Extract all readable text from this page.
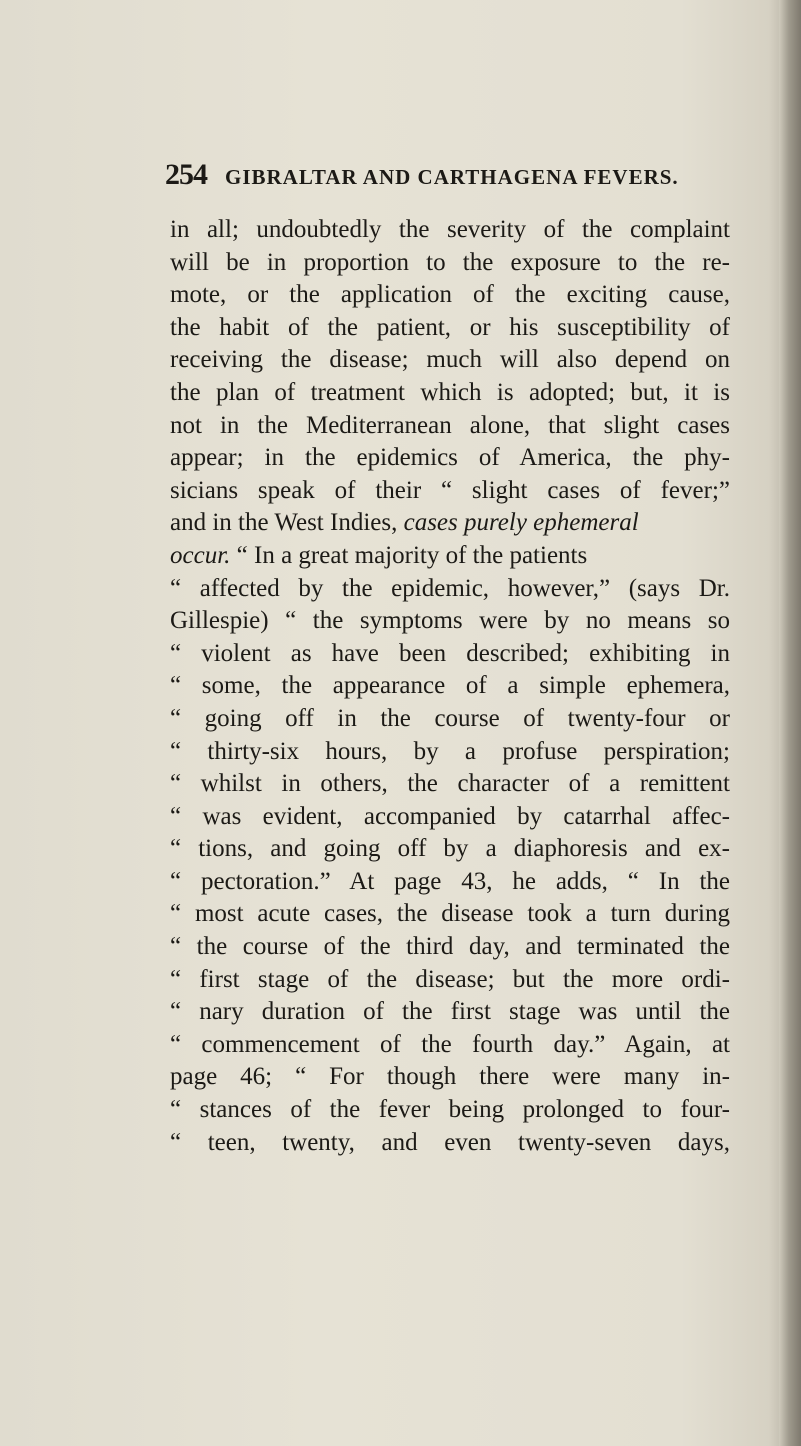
254 GIBRALTAR AND CARTHAGENA FEVERS.
in all; undoubtedly the severity of the complaint
will be in proportion to the exposure to the re-
mote, or the application of the exciting cause,
the habit of the patient, or his susceptibility of
receiving the disease; much will also depend on
the plan of treatment which is adopted; but, it is
not in the Mediterranean alone, that slight cases
appear; in the epidemics of America, the phy-
sicians speak of their “ slight cases of fever;”
and in the West Indies, cases purely ephemeral
occur. “ In a great majority of the patients
“ affected by the epidemic, however,” (says Dr.
Gillespie) “ the symptoms were by no means so
“ violent as have been described; exhibiting in
“ some, the appearance of a simple ephemera,
“ going off in the course of twenty-four or
“ thirty-six hours, by a profuse perspiration;
“ whilst in others, the character of a remittent
“ was evident, accompanied by catarrhal affec-
“ tions, and going off by a diaphoresis and ex-
“ pectoration.” At page 43, he adds, “ In the
“ most acute cases, the disease took a turn during
“ the course of the third day, and terminated the
“ first stage of the disease; but the more ordi-
“ nary duration of the first stage was until the
“ commencement of the fourth day.” Again, at
page 46; “ For though there were many in-
“ stances of the fever being prolonged to four-
“ teen, twenty, and even twenty-seven days,
